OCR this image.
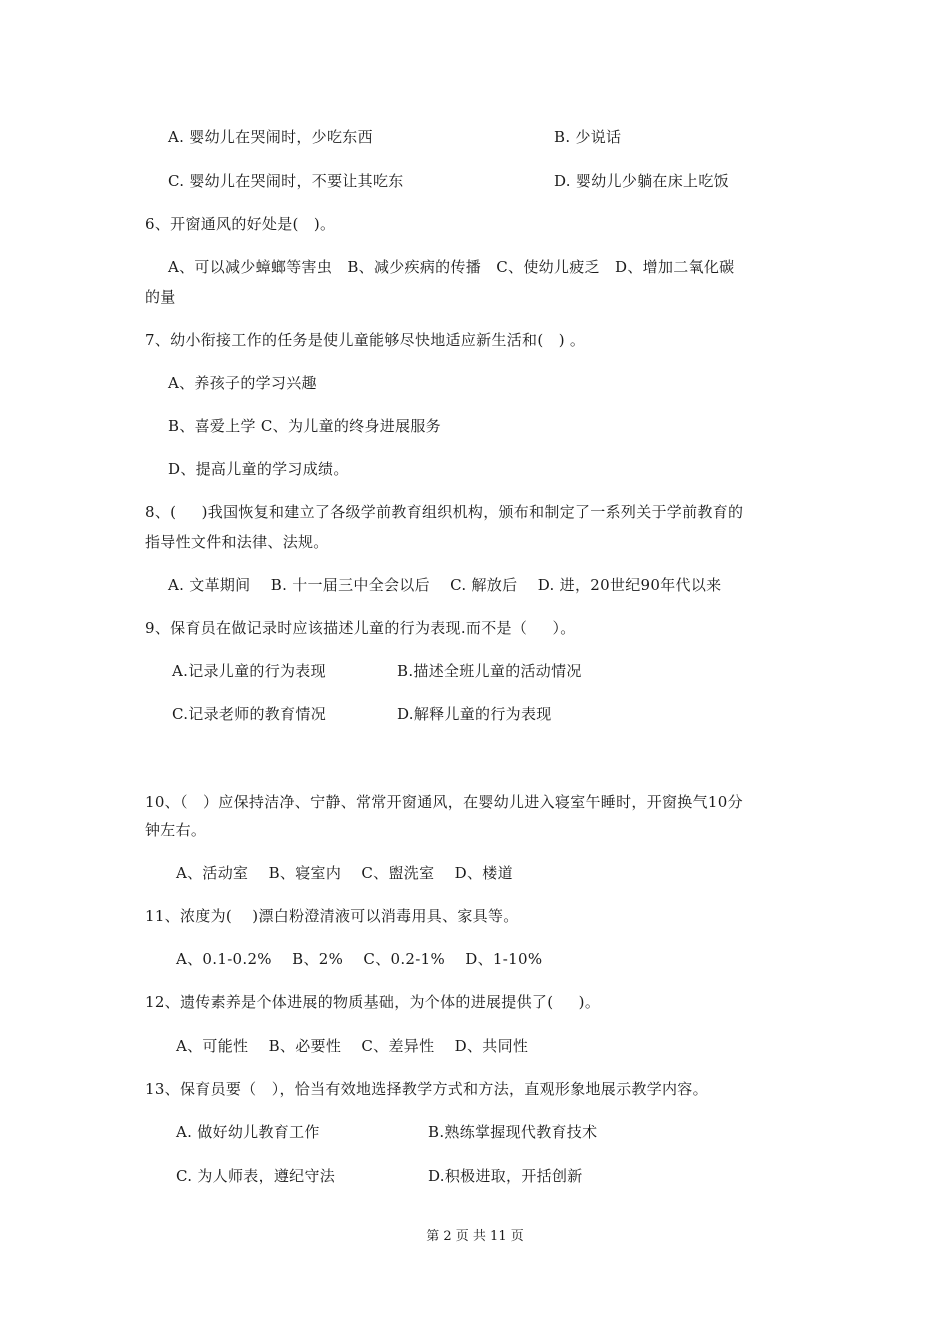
A. 婴幼儿在哭闹时，少吃东西	B. 少说话
C. 婴幼儿在哭闹时，不要让其吃东	D. 婴幼儿少躺在床上吃饭
6、开窗通风的好处是(   )。
A、可以减少蟑螂等害虫   B、减少疾病的传播   C、使幼儿疲乏   D、增加二氧化碳
的量
7、幼小衔接工作的任务是使儿童能够尽快地适应新生活和(   ) 。
A、养孩子的学习兴趣
B、喜爱上学 C、为儿童的终身进展服务
D、提高儿童的学习成绩。
8、(     )我国恢复和建立了各级学前教育组织机构，颁布和制定了一系列关于学前教育的
指导性文件和法律、法规。
A. 文革期间    B. 十一届三中全会以后    C. 解放后    D. 进，20世纪90年代以来
9、保育员在做记录时应该描述儿童的行为表现.而不是（     ）。
A.记录儿童的行为表现	B.描述全班儿童的活动情况
C.记录老师的教育情况	D.解释儿童的行为表现
10、（   ）应保持洁净、宁静、常常开窗通风，在婴幼儿进入寝室午睡时，开窗换气10分
钟左右。
A、活动室    B、寝室内    C、盥洗室    D、楼道
11、浓度为(    )漂白粉澄清液可以消毒用具、家具等。
A、0.1-0.2%    B、2%    C、0.2-1%    D、1-10%
12、遗传素养是个体进展的物质基础，为个体的进展提供了(     )。
A、可能性    B、必要性    C、差异性    D、共同性
13、保育员要（   ），恰当有效地选择教学方式和方法，直观形象地展示教学内容。
A. 做好幼儿教育工作	B.熟练掌握现代教育技术
C. 为人师表，遵纪守法	D.积极进取，开括创新
第 2 页 共 11 页
